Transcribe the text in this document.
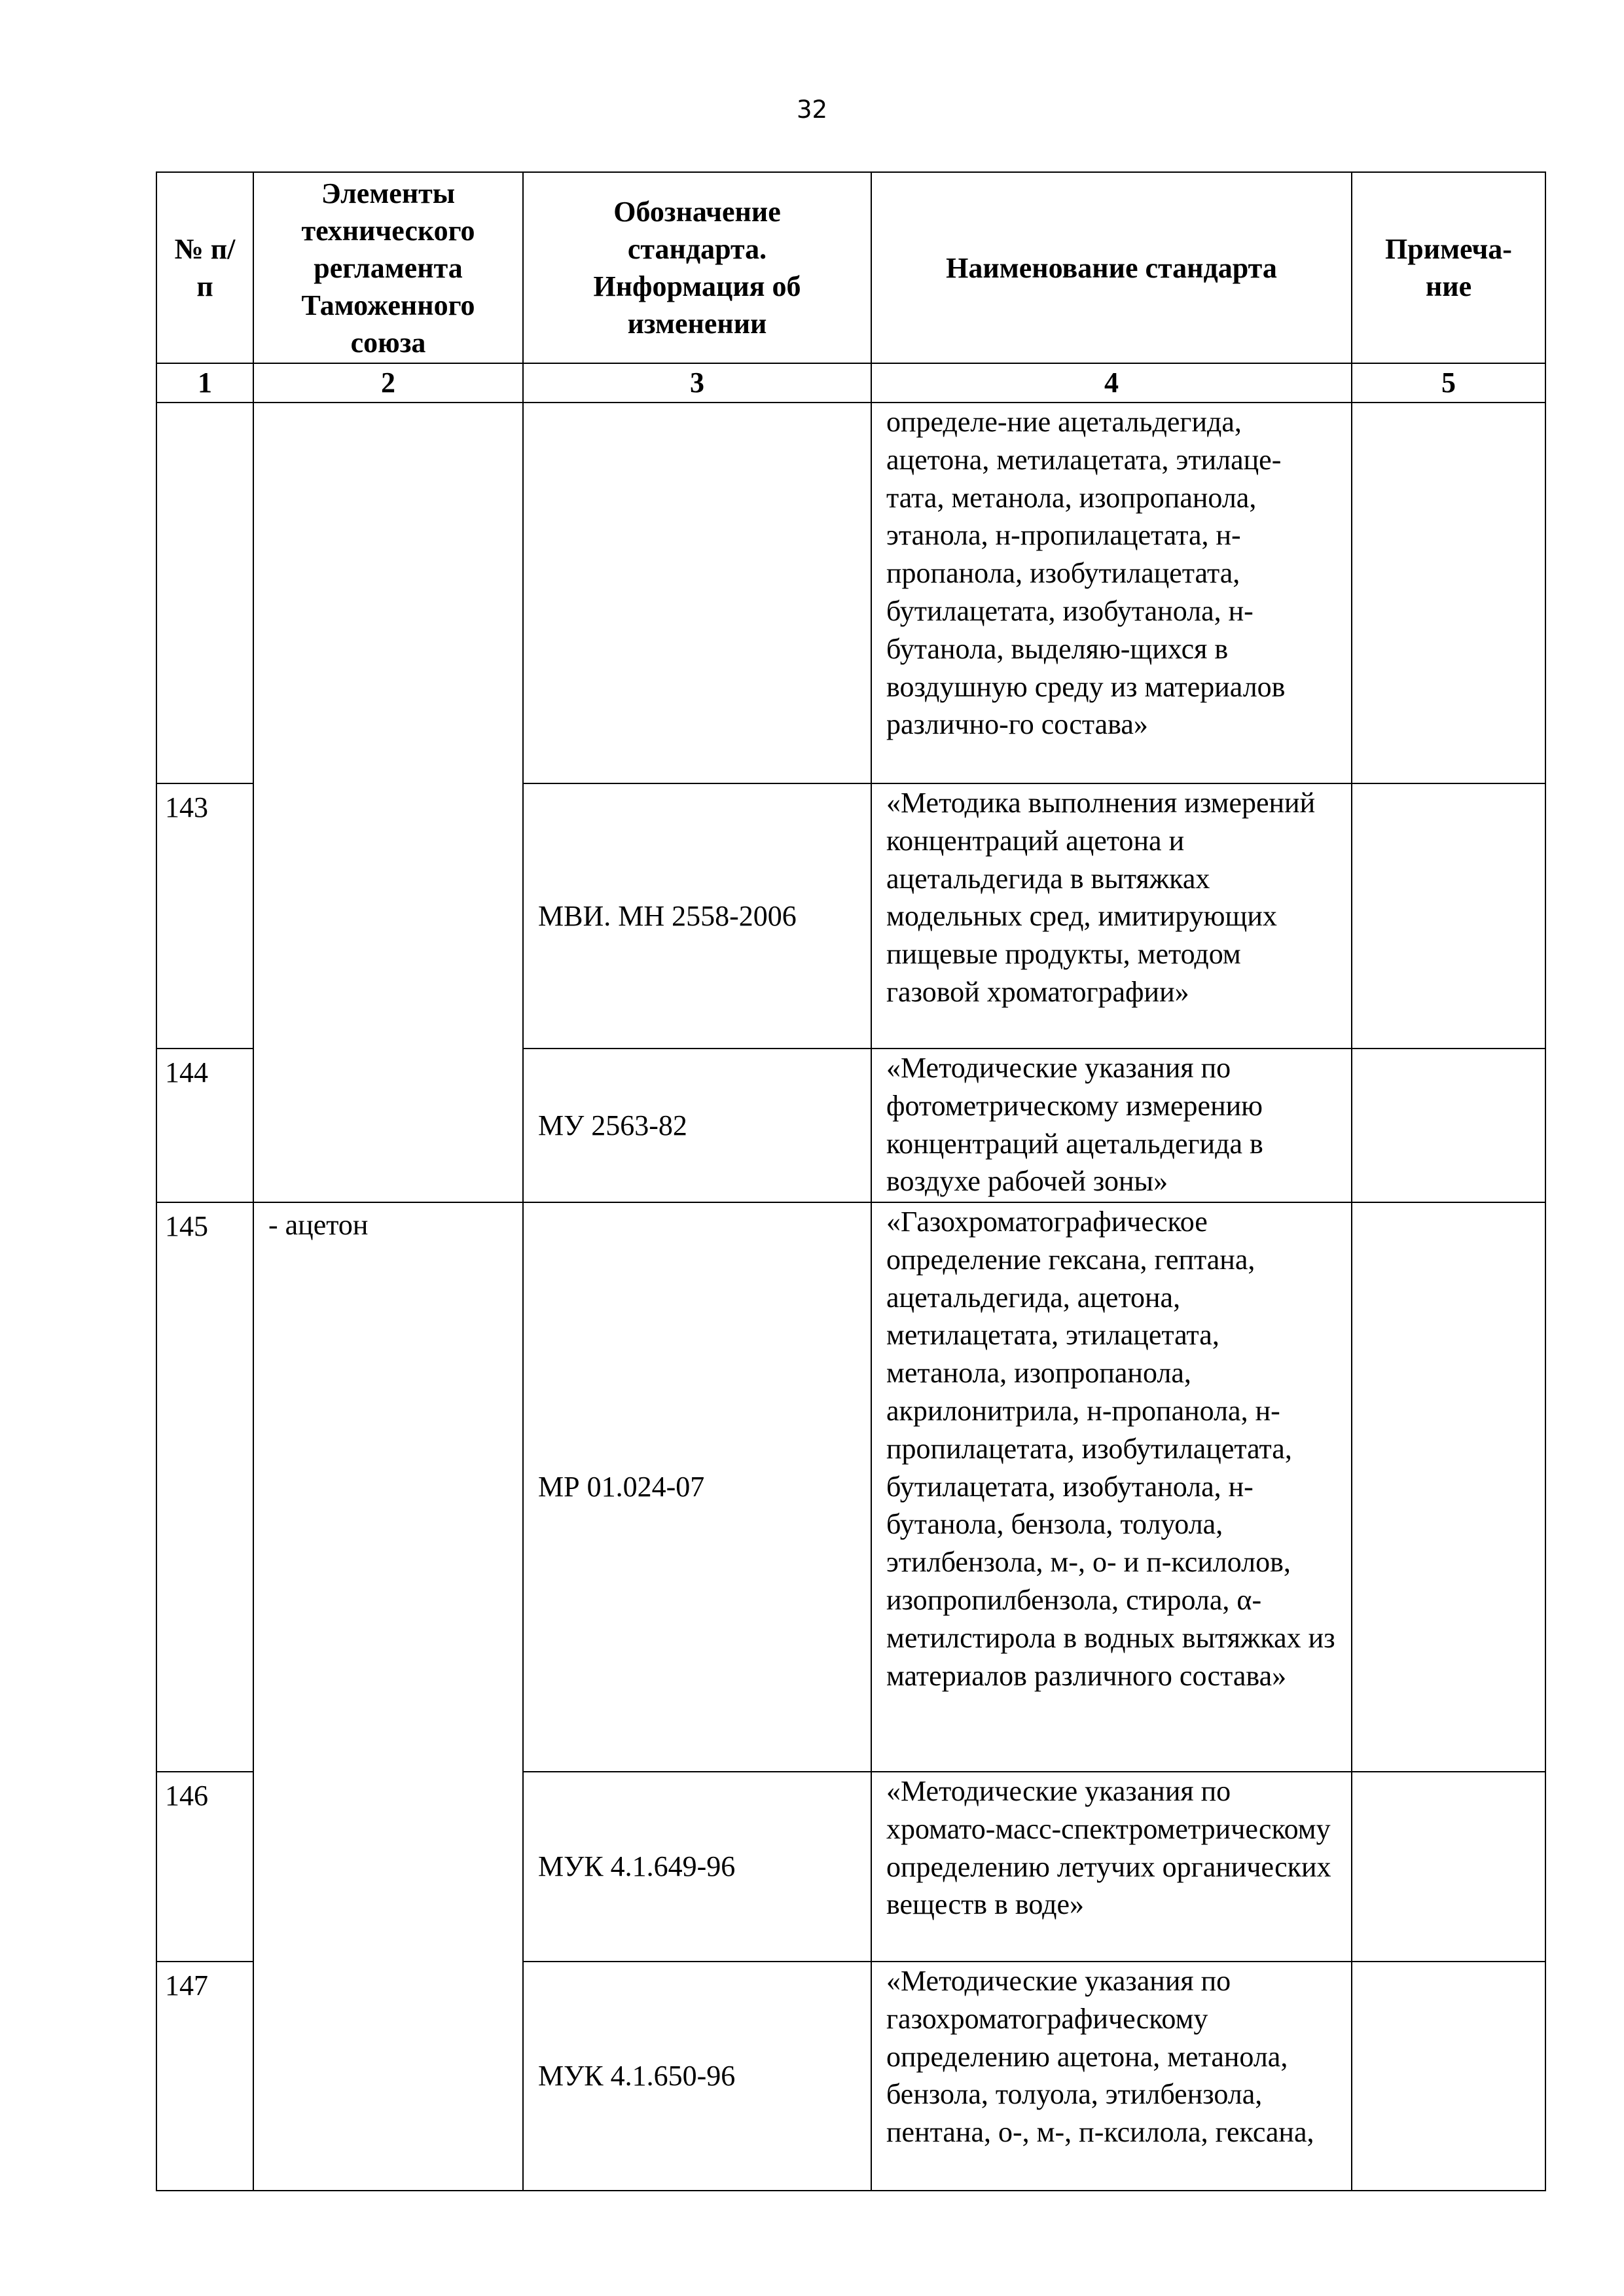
32
№ п/п	Элементы технического регламента Таможенного союза	Обозначение стандарта. Информация об изменении	Наименование стандарта	Примеча-ние
1	2	3	4	5
			определе-ние ацетальдегида, ацетона, метилацетата, этилаце-тата, метанола, изопропанола, этанола, н-пропилацетата, н-пропанола, изобутилацетата, бутилацетата, изобутанола, н-бутанола, выделяю-щихся в воздушную среду из материалов различно-го состава»	
143		МВИ. МН 2558-2006	«Методика выполнения измерений концентраций ацетона и ацетальдегида в вытяжках модельных сред, имитирующих пищевые продукты, методом газовой хроматографии»	
144		МУ 2563-82	«Методические указания по фотометрическому измерению концентраций ацетальдегида в воздухе рабочей зоны»	
145	- ацетон	МР 01.024-07	«Газохроматографическое определение гексана, гептана, ацетальдегида, ацетона, метилацетата, этилацетата, метанола, изопропанола, акрилонитрила, н-пропанола, н-пропилацетата, изобутилацетата, бутилацетата, изобутанола, н-бутанола, бензола, толуола, этилбензола, м-, о- и п-ксилолов, изопропилбензола, стирола, α-метилстирола в водных вытяжках из материалов различного состава»	
146		МУК 4.1.649-96	«Методические указания по хромато-масс-спектрометрическому определению летучих органических веществ в воде»	
147		МУК 4.1.650-96	«Методические указания по газохроматографическому определению ацетона, метанола, бензола, толуола, этилбензола, пентана, о-, м-, п-ксилола, гексана,	
